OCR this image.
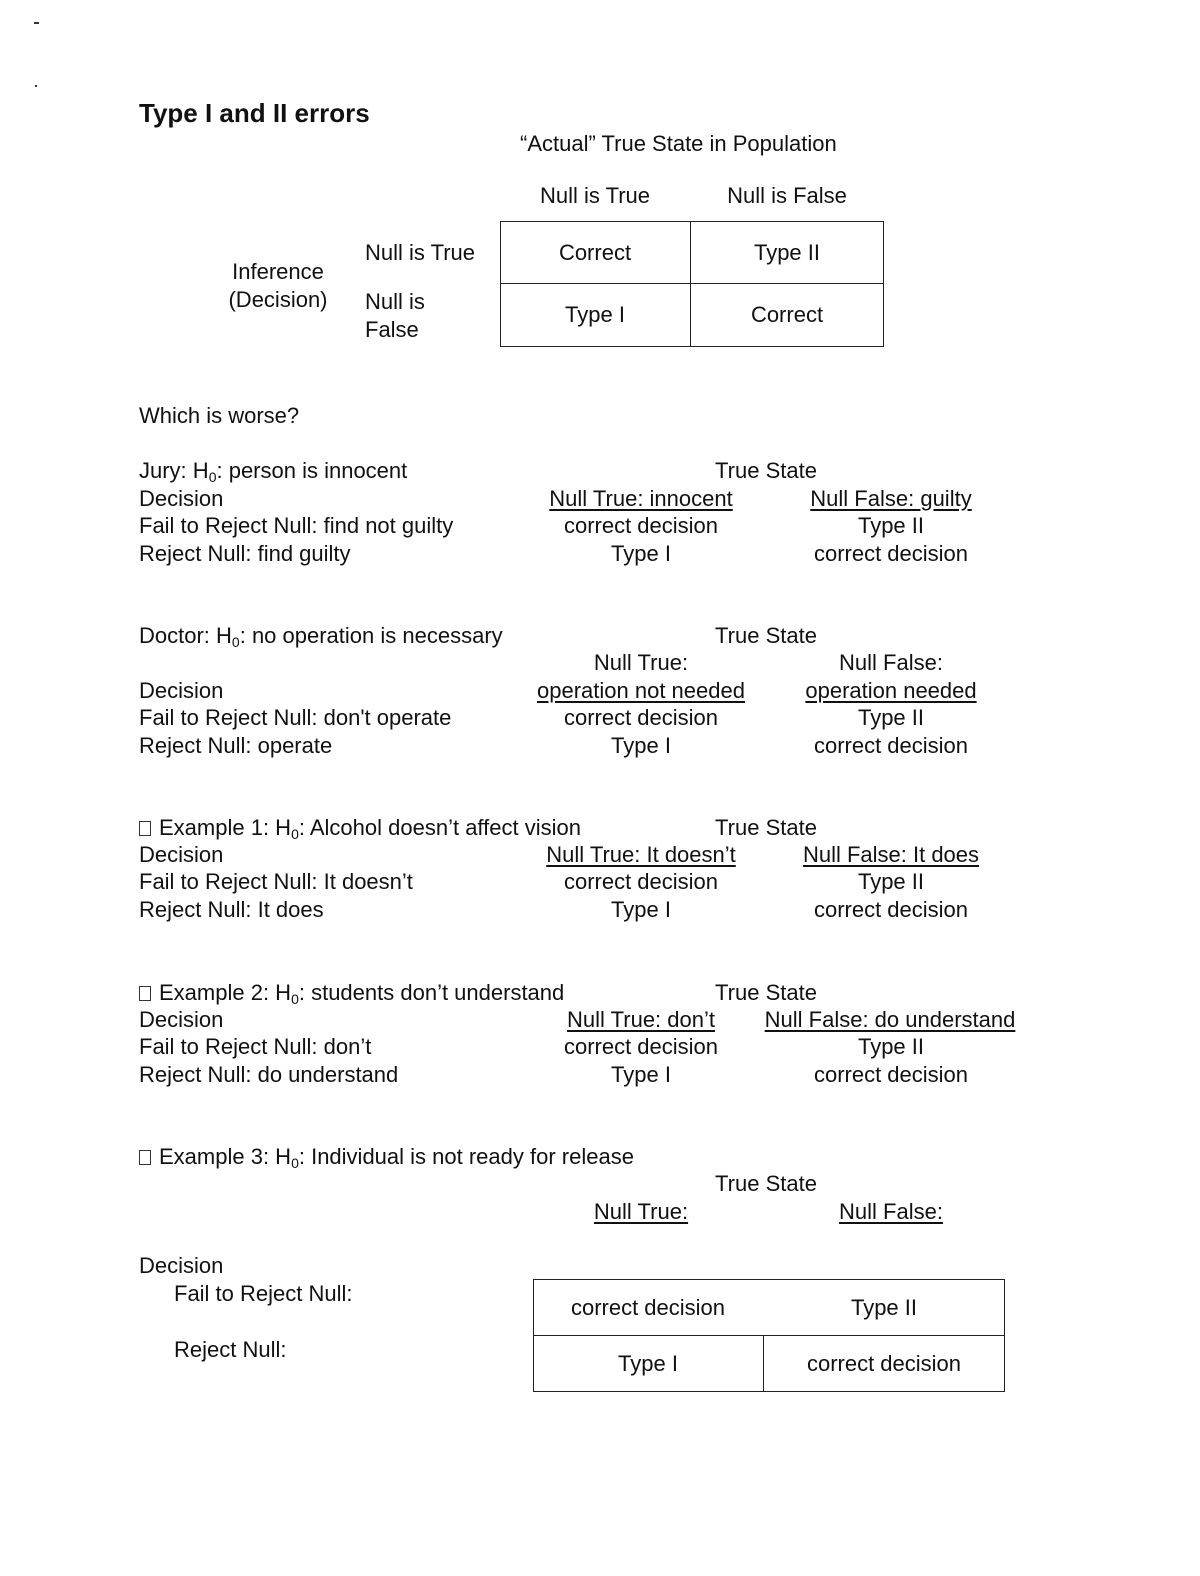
Type I and II errors
“Actual” True State in Population
Null is True	Null is False
Inference (Decision)
Null is True
Null is False
Correct	Type II
Type I	Correct
Which is worse?
Jury: $H_0$: person is innocent	True State
Decision	Null True: innocent	Null False: guilty
Fail to Reject Null: find not guilty	correct decision	Type II
Reject Null: find guilty	Type I	correct decision
Doctor: $H_0$: no operation is necessary	True State
Null True:	Null False:
Decision	operation not needed	operation needed
Fail to Reject Null: don't operate	correct decision	Type II
Reject Null: operate	Type I	correct decision
Example 1: $H_0$: Alcohol doesn’t affect vision	True State
Decision	Null True: It doesn’t	Null False: It does
Fail to Reject Null: It doesn’t	correct decision	Type II
Reject Null: It does	Type I	correct decision
Example 2: $H_0$: students don’t understand	True State
Decision	Null True: don’t	Null False: do understand
Fail to Reject Null: don’t	correct decision	Type II
Reject Null: do understand	Type I	correct decision
Example 3: $H_0$: Individual is not ready for release
True State
Null True:	Null False:
Decision
Fail to Reject Null:
Reject Null:
correct decision	Type II
Type I	correct decision
